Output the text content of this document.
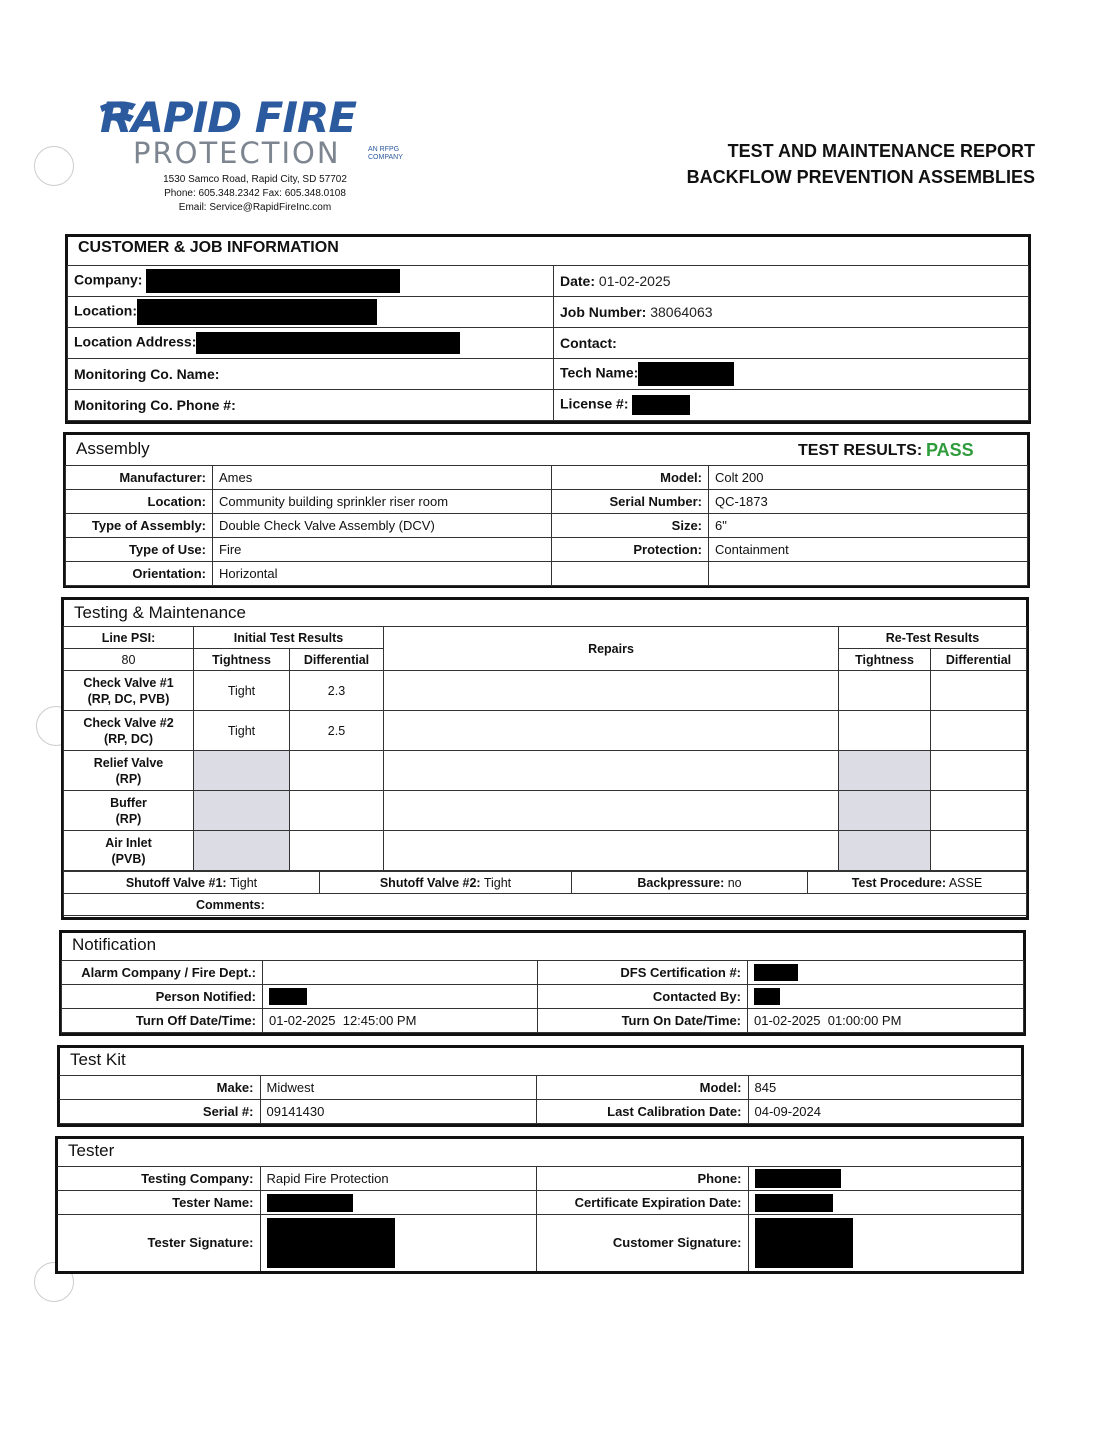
RAPID FIRE
PROTECTION	AN RFPG COMPANY
1530 Samco Road, Rapid City, SD 57702
Phone: 605.348.2342 Fax: 605.348.0108
Email: Service@RapidFireInc.com
TEST AND MAINTENANCE REPORT
BACKFLOW PREVENTION ASSEMBLIES
CUSTOMER & JOB INFORMATION
Company:	Date: 01-02-2025
Location:	Job Number: 38064063
Location Address:	Contact:
Monitoring Co. Name:	Tech Name:
Monitoring Co. Phone #:	License #:
Assembly	TEST RESULTS: PASS
Manufacturer:	Ames	Model:	Colt 200
Location:	Community building sprinkler riser room	Serial Number:	QC-1873
Type of Assembly:	Double Check Valve Assembly (DCV)	Size:	6"
Type of Use:	Fire	Protection:	Containment
Orientation:	Horizontal		
Testing & Maintenance
Line PSI:	Initial Test Results		Repairs	Re-Test Results	
80	Tightness	Differential		Tightness	Differential

Check Valve #1
(RP, DC, PVB)	Tight	2.3			

Check Valve #2
(RP, DC)	Tight	2.5			

Relief Valve
(RP)					

Buffer
(RP)					

Air Inlet
(PVB)					

Shutoff Valve #1: Tight	Shutoff Valve #2: Tight	Backpressure: no	Test Procedure: ASSE
Comments:
Notification
Alarm Company / Fire Dept.:		DFS Certification #:	
Person Notified:		Contacted By:	
Turn Off Date/Time:	01-02-2025  12:45:00 PM	Turn On Date/Time:	01-02-2025  01:00:00 PM
Test Kit
Make:	Midwest	Model:	845
Serial #:	09141430	Last Calibration Date:	04-09-2024
Tester
Testing Company:	Rapid Fire Protection	Phone:	
Tester Name:		Certificate Expiration Date:	
Tester Signature:		Customer Signature:	
